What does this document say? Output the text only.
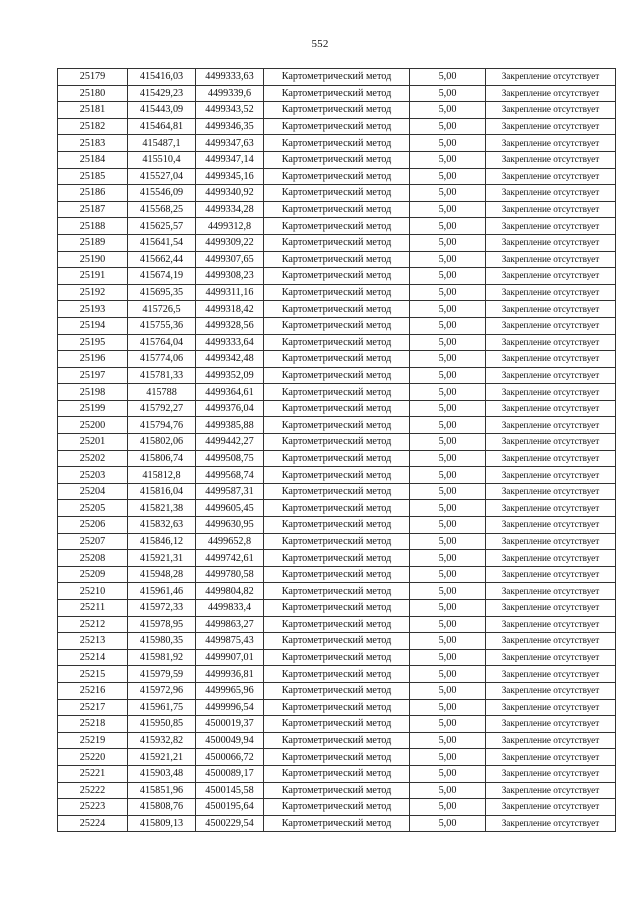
552
25179	415416,03	4499333,63	Картометрический метод	5,00	Закрепление отсутствует
25180	415429,23	4499339,6	Картометрический метод	5,00	Закрепление отсутствует
25181	415443,09	4499343,52	Картометрический метод	5,00	Закрепление отсутствует
25182	415464,81	4499346,35	Картометрический метод	5,00	Закрепление отсутствует
25183	415487,1	4499347,63	Картометрический метод	5,00	Закрепление отсутствует
25184	415510,4	4499347,14	Картометрический метод	5,00	Закрепление отсутствует
25185	415527,04	4499345,16	Картометрический метод	5,00	Закрепление отсутствует
25186	415546,09	4499340,92	Картометрический метод	5,00	Закрепление отсутствует
25187	415568,25	4499334,28	Картометрический метод	5,00	Закрепление отсутствует
25188	415625,57	4499312,8	Картометрический метод	5,00	Закрепление отсутствует
25189	415641,54	4499309,22	Картометрический метод	5,00	Закрепление отсутствует
25190	415662,44	4499307,65	Картометрический метод	5,00	Закрепление отсутствует
25191	415674,19	4499308,23	Картометрический метод	5,00	Закрепление отсутствует
25192	415695,35	4499311,16	Картометрический метод	5,00	Закрепление отсутствует
25193	415726,5	4499318,42	Картометрический метод	5,00	Закрепление отсутствует
25194	415755,36	4499328,56	Картометрический метод	5,00	Закрепление отсутствует
25195	415764,04	4499333,64	Картометрический метод	5,00	Закрепление отсутствует
25196	415774,06	4499342,48	Картометрический метод	5,00	Закрепление отсутствует
25197	415781,33	4499352,09	Картометрический метод	5,00	Закрепление отсутствует
25198	415788	4499364,61	Картометрический метод	5,00	Закрепление отсутствует
25199	415792,27	4499376,04	Картометрический метод	5,00	Закрепление отсутствует
25200	415794,76	4499385,88	Картометрический метод	5,00	Закрепление отсутствует
25201	415802,06	4499442,27	Картометрический метод	5,00	Закрепление отсутствует
25202	415806,74	4499508,75	Картометрический метод	5,00	Закрепление отсутствует
25203	415812,8	4499568,74	Картометрический метод	5,00	Закрепление отсутствует
25204	415816,04	4499587,31	Картометрический метод	5,00	Закрепление отсутствует
25205	415821,38	4499605,45	Картометрический метод	5,00	Закрепление отсутствует
25206	415832,63	4499630,95	Картометрический метод	5,00	Закрепление отсутствует
25207	415846,12	4499652,8	Картометрический метод	5,00	Закрепление отсутствует
25208	415921,31	4499742,61	Картометрический метод	5,00	Закрепление отсутствует
25209	415948,28	4499780,58	Картометрический метод	5,00	Закрепление отсутствует
25210	415961,46	4499804,82	Картометрический метод	5,00	Закрепление отсутствует
25211	415972,33	4499833,4	Картометрический метод	5,00	Закрепление отсутствует
25212	415978,95	4499863,27	Картометрический метод	5,00	Закрепление отсутствует
25213	415980,35	4499875,43	Картометрический метод	5,00	Закрепление отсутствует
25214	415981,92	4499907,01	Картометрический метод	5,00	Закрепление отсутствует
25215	415979,59	4499936,81	Картометрический метод	5,00	Закрепление отсутствует
25216	415972,96	4499965,96	Картометрический метод	5,00	Закрепление отсутствует
25217	415961,75	4499996,54	Картометрический метод	5,00	Закрепление отсутствует
25218	415950,85	4500019,37	Картометрический метод	5,00	Закрепление отсутствует
25219	415932,82	4500049,94	Картометрический метод	5,00	Закрепление отсутствует
25220	415921,21	4500066,72	Картометрический метод	5,00	Закрепление отсутствует
25221	415903,48	4500089,17	Картометрический метод	5,00	Закрепление отсутствует
25222	415851,96	4500145,58	Картометрический метод	5,00	Закрепление отсутствует
25223	415808,76	4500195,64	Картометрический метод	5,00	Закрепление отсутствует
25224	415809,13	4500229,54	Картометрический метод	5,00	Закрепление отсутствует
